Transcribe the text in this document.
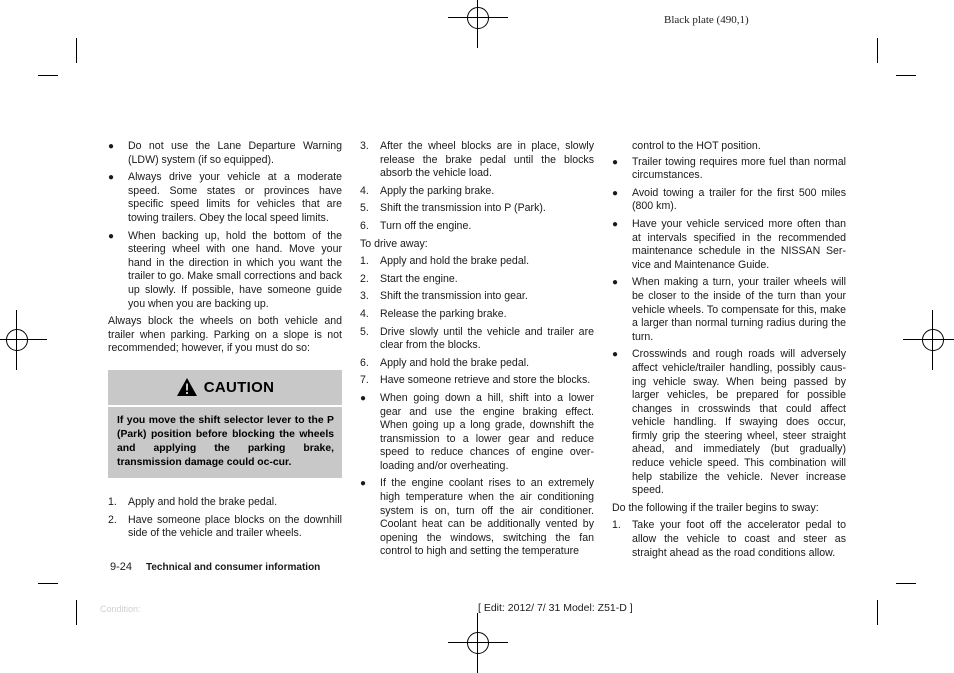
Black plate (490,1)
●	Do not use the Lane Departure Warning (LDW) system (if so equipped).
●	Always drive your vehicle at a moderate speed. Some states or provinces have specific speed limits for vehicles that are towing trailers. Obey the local speed limits.
●	When backing up, hold the bottom of the steering wheel with one hand. Move your hand in the direction in which you want the trailer to go. Make small corrections and back up slowly. If possible, have someone guide you when you are backing up.
Always block the wheels on both vehicle and trailer when parking. Parking on a slope is not recommended; however, if you must do so:
CAUTION
If you move the shift selector lever to the P (Park) position before blocking the wheels and applying the parking brake, transmission damage could oc-cur.
1.	Apply and hold the brake pedal.
2.	Have someone place blocks on the downhill side of the vehicle and trailer wheels.
3.	After the wheel blocks are in place, slowly release the brake pedal until the blocks absorb the vehicle load.
4.	Apply the parking brake.
5.	Shift the transmission into P (Park).
6.	Turn off the engine.
To drive away:
1.	Apply and hold the brake pedal.
2.	Start the engine.
3.	Shift the transmission into gear.
4.	Release the parking brake.
5.	Drive slowly until the vehicle and trailer are clear from the blocks.
6.	Apply and hold the brake pedal.
7.	Have someone retrieve and store the blocks.
●	When going down a hill, shift into a lower gear and use the engine braking effect. When going up a long grade, downshift the transmission to a lower gear and reduce speed to reduce chances of engine over-loading and/or overheating.
●	If the engine coolant rises to an extremely high temperature when the air conditioning system is on, turn off the air conditioner. Coolant heat can be additionally vented by opening the windows, switching the fan control to high and setting the temperature
control to the HOT position.
●	Trailer towing requires more fuel than normal circumstances.
●	Avoid towing a trailer for the first 500 miles (800 km).
●	Have your vehicle serviced more often than at intervals specified in the recommended maintenance schedule in the NISSAN Ser-vice and Maintenance Guide.
●	When making a turn, your trailer wheels will be closer to the inside of the turn than your vehicle wheels. To compensate for this, make a larger than normal turning radius during the turn.
●	Crosswinds and rough roads will adversely affect vehicle/trailer handling, possibly caus-ing vehicle sway. When being passed by larger vehicles, be prepared for possible changes in crosswinds that could affect vehicle handling. If swaying does occur, firmly grip the steering wheel, steer straight ahead, and immediately (but gradually) reduce vehicle speed. This combination will help stabilize the vehicle. Never increase speed.
Do the following if the trailer begins to sway:
1.	Take your foot off the accelerator pedal to allow the vehicle to coast and steer as straight ahead as the road conditions allow.
9-24 Technical and consumer information
Condition:	[ Edit: 2012/ 7/ 31 Model: Z51-D ]
